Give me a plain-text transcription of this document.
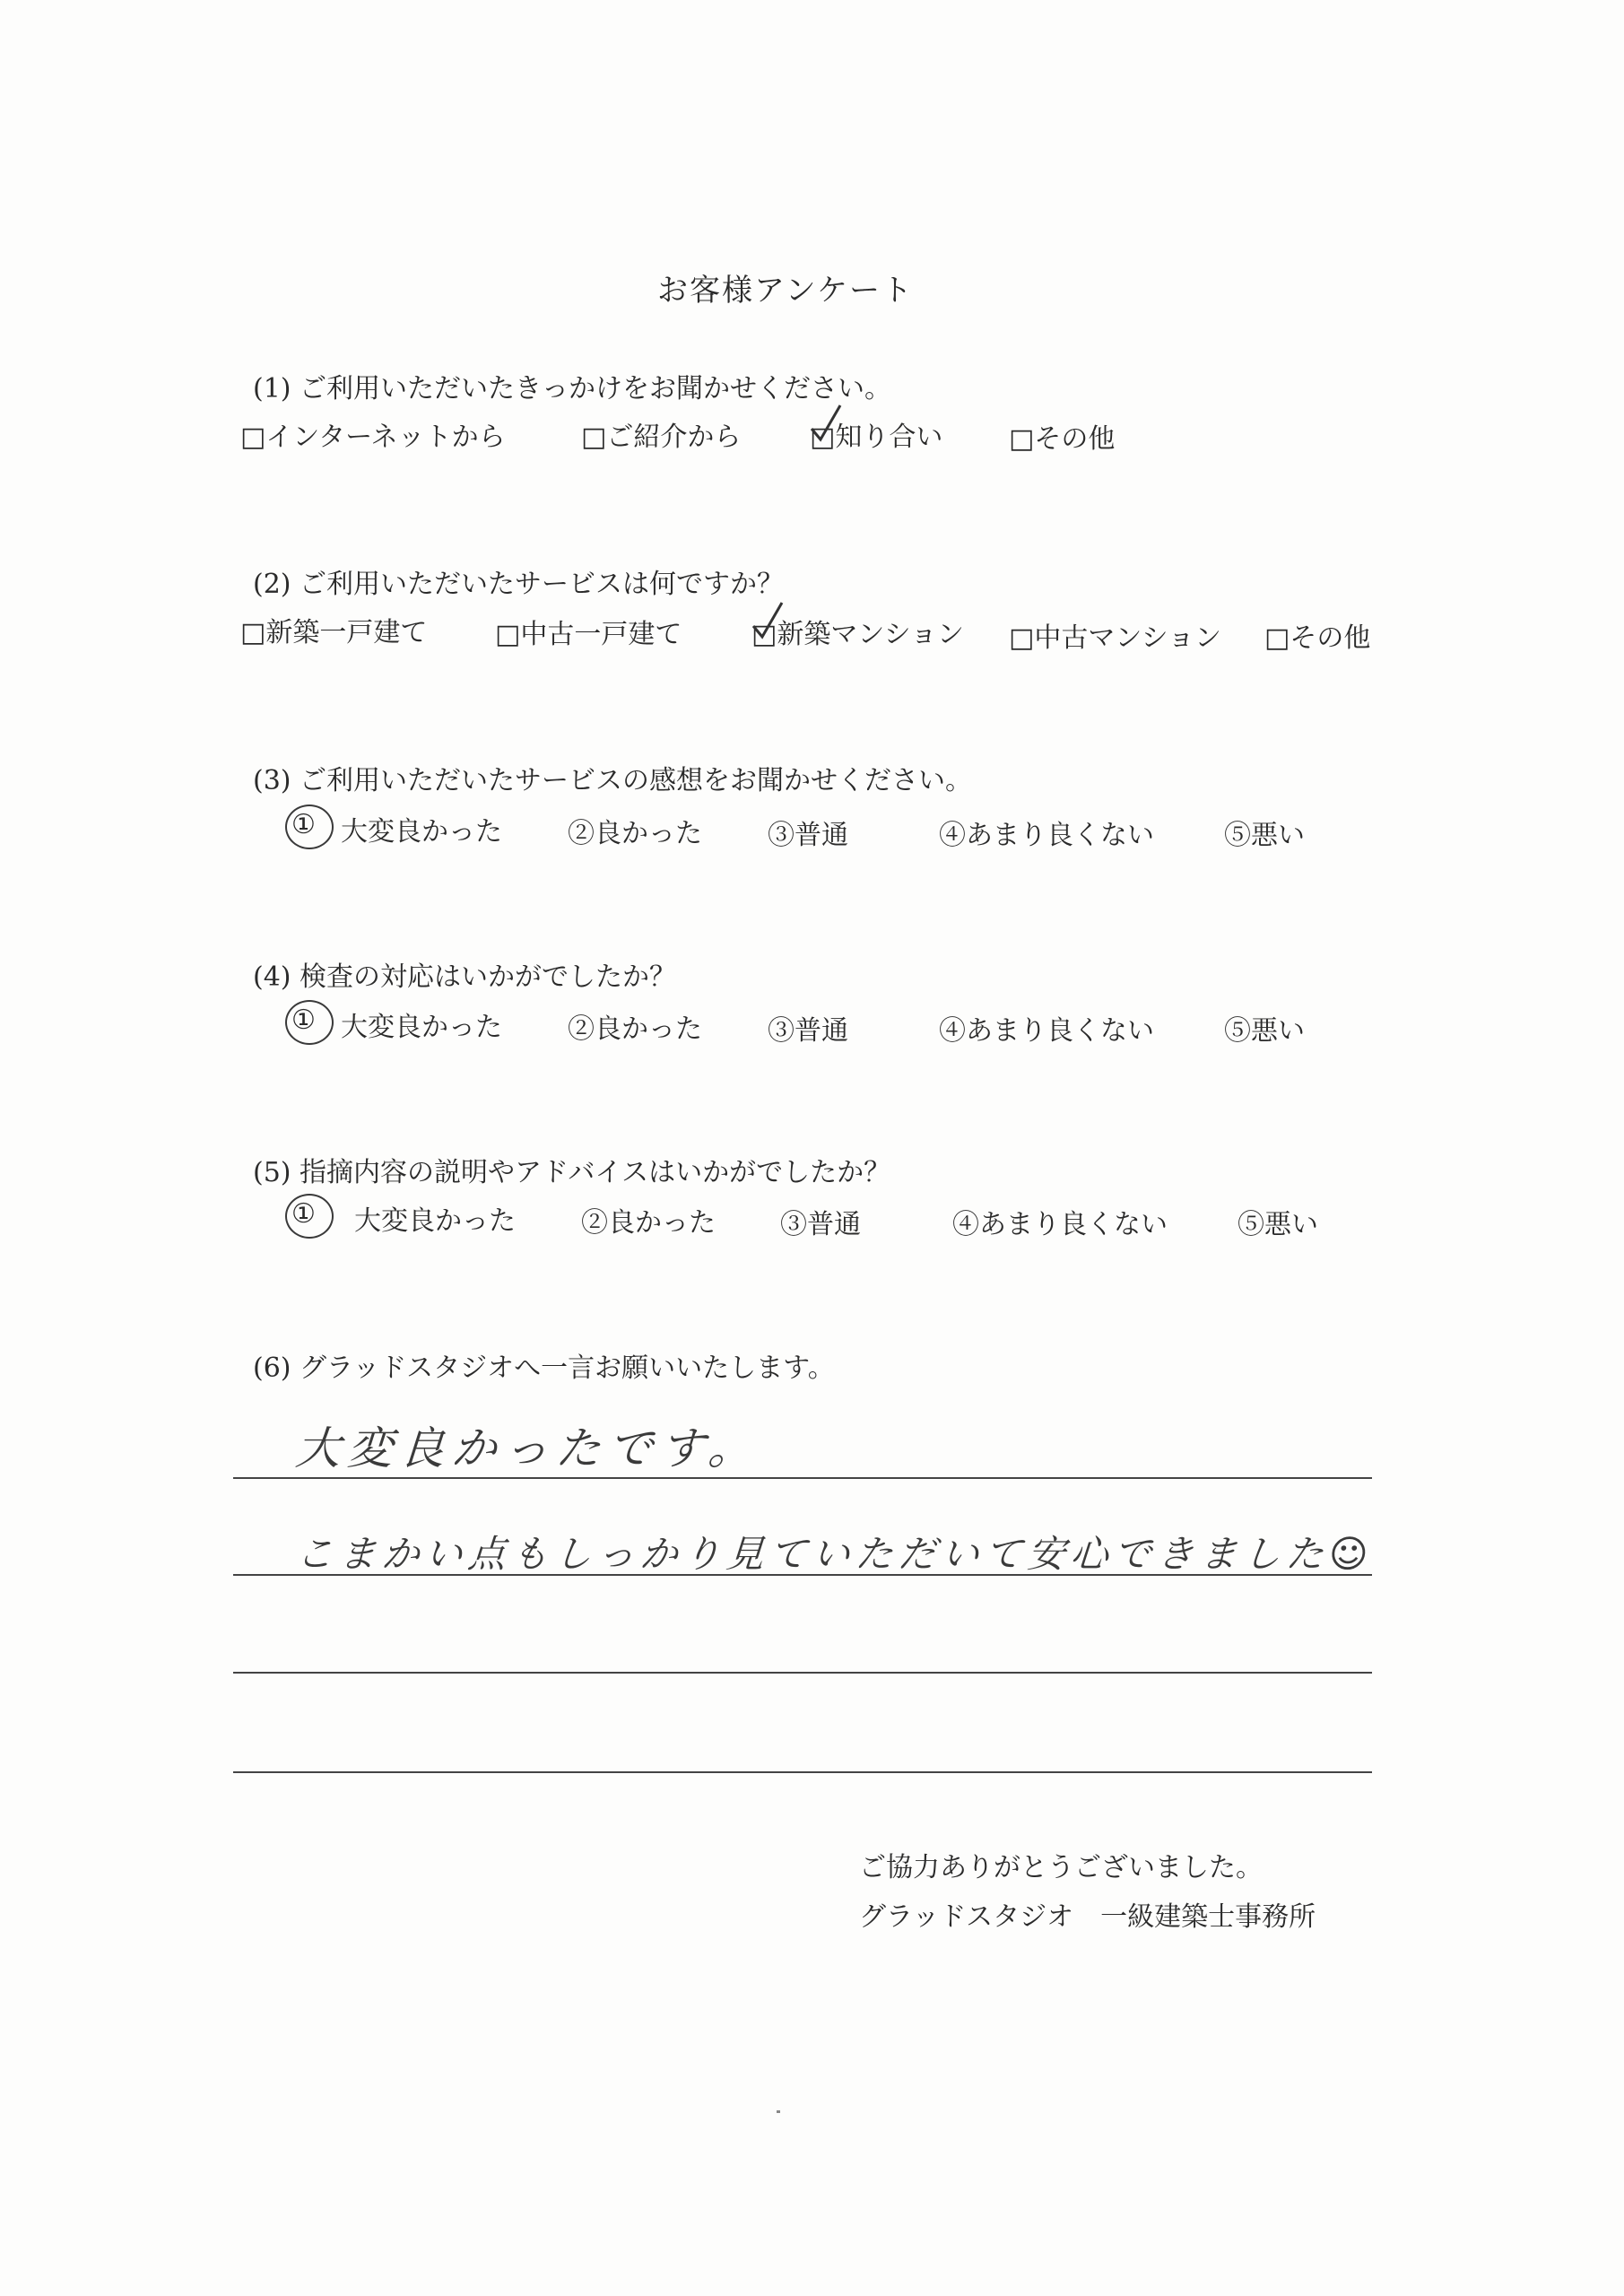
お客様アンケート
(1) ご利用いただいたきっかけをお聞かせください。
□インターネットから	□ご紹介から	□知り合い □その他
(2) ご利用いただいたサービスは何ですか？
□新築一戸建て	□中古一戸建て	□新築マンション □中古マンション □その他
(3) ご利用いただいたサービスの感想をお聞かせください。
① 大変良かった ②良かった ③普通	④あまり良くない	⑤悪い
(4) 検査の対応はいかがでしたか？
① 大変良かった ②良かった ③普通	④あまり良くない	⑤悪い
(5) 指摘内容の説明やアドバイスはいかがでしたか？
① 大変良かった ②良かった ③普通	④あまり良くない	⑤悪い
(6) グラッドスタジオへ一言お願いいたします。
大変良かったです。
こまかい点もしっかり見ていただいて安心できました☺
ご協力ありがとうございました。
グラッドスタジオ　一級建築士事務所
